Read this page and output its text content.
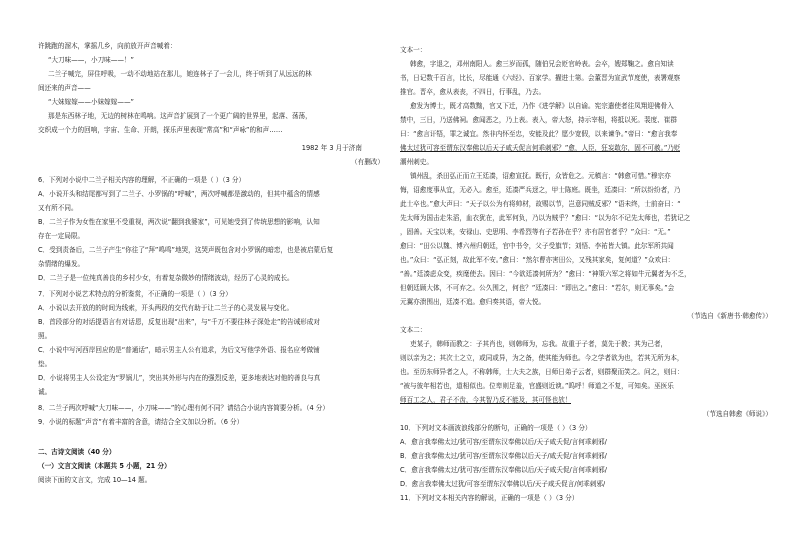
许跳跑的溜木，掌摇几乡，向前放开声音喊着：
“大刀味——，小刀味——！”
二兰子喊完，屏住呼吸，一动不动地站在那儿，她连林子了一会儿，终于听到了从远远的林
间还来的声音——
“大妹嫁嫁——小妹嫁嫁——”
那是东西林子地，无边的树林在鸣响。这声音扩展到了一个更广阔的世界里，起落、荡荡，
交织成一个力的回响，宇宙、生命、开朗，探乐声里表现“常高”和“声咏”的和声……
1982 年 3 月于济南
（有删改）
6．下列对小说中二兰子相关内容的理解，不正确的一项是（ ）（3 分）
A．小说开头和结尾都写到了二兰子、小罗锅的“呼喊”，两次呼喊都是激动的，但其中蕴含的情感
又有所不同。
B．二兰子作为女性在家里不受重视，两次说“翻到我婆家”，可见她受到了传统思想的影响，认知
存在一定局限。
C．受到责备后，二兰子产生“你往了“拜”鸣鸣”地哭，这哭声既包含对小罗锅的暗恋，也是被启蒙后复
杂情绪的爆发。
D．二兰子是一位纯真善良的乡村少女，有着复杂微妙的情绪波动，经历了心灵的成长。
7．下列对小说艺术特点的分析鉴赏，不正确的一项是（ ）（3 分）
A．小说以去开放的的时间为线索，开头两段的交代有助于让二兰子的心灵发展与变化。
B．首段部分的对话提语言有对话恩，反复出现“出来”，与“千万不要往林子深处走”的告诫形成对
照。
C．小说中写河西岸回应的是“普通话”，暗示男主人公有追求，为后文写他学外语、报名应考做铺
垫。
D．小说将男主人公设定为“罗锅儿”，突出其外形与内在的强烈反差，更多地表达对他的善良与真
诚。
8．二兰子两次呼喊“大刀味——，小刀味——”的心理有何不同？请结合小说内容简要分析。（4 分）
9．小说的标题“声音”有着丰富的含意，请结合全文加以分析。（6 分）
二、古诗文阅读（40 分）
（一）文言文阅读（本题共 5 小题，21 分）
阅读下面的文言文，完成 10—14 题。
文本一：
韩愈，字退之，邓州南阳人。愈三岁而孤，随伯兄会贬官岭表。会卒，嫂郑鞠之。愈自知读
书，日记数千百言，比长，尽能通《六经》、百家学。擢进士第。会董晋为宣武节度使，表署观察
推官。晋卒，愈从表丧，不四日，行事乱，乃去。
愈发为博士，既才高数黜，官又下迁，乃作《进学解》以自谕。宪宗遣使者往凤翔迎佛骨入
禁中，三日，乃送佛祠。愈闻恶之，乃上表。表入，帝大怒，持示宰相，将抵以死。裴度、崔群
曰：“愈言讦牾，罪之诚宜。然非内怀至忠，安能及此？愿少宽假，以来谏争。”帝曰：“愈言我奉
佛太过犹可容至谓东汉奉佛以后天子咸夭促言何乖刺邪？”愈，人臣，狂妄敢尔，固不可赦。”乃贬
潮州刺史。
镇州乱，杀田弘正而立王廷凑，诏愈宣抚。既行，众皆危之。元稹言：“韩愈可惜。”穆宗亦
悔，诏愈度事从宜，无必入。愈至，廷凑严兵迓之，甲士陈庭。既坐，廷凑曰：“所以纷纷者，乃
此士卒也。”愈大声曰：“天子以公为有将帅材，故赐以节，岂意同贼反邪？”语未终，士前奋曰：“
先太师为国击走朱滔，血衣犹在，此军何负，乃以为贼乎？”愈曰：“以为尔不记先太师也，若犹记之
，固善。天宝以来，安禄山、史思明、李希烈等有子若孙在乎？亦有居官者乎？”众曰：“无。”
愈曰：“田公以魏、博六州归朝廷，官中书令，父子受旗节；刘悟、李祐皆大镇。此尔军所共闻
也。”众曰：“弘正刻，故此军不安。”愈曰：“然尔曹亦害田公，又残其家矣，复何道？”众欢曰：
“善。”廷凑虑众变，疾麾使去。因曰：“今欲廷凑何所为？”愈曰：“神策六军之将如牛元翼者为不乏，
但朝廷顾大体，不可弃之。公久围之，何也？”廷凑曰：“即出之。”愈曰：“若尔，则无事矣。”会
元翼亦溃围出，廷凑不追。愈归奏其语，帝大悦。
（节选自《新唐书·韩愈传》）
文本二：
吏某子，韩师而教之：子其肖也，则韩师为，忘我。故重于子者，莫先于教；其为己者，
则以亲为之；其次士之立，或同或异，为之备，使其能为师也。今之学者欲为也，若其无所为本，
也。至历东师异者之人，不称韩师，士大夫之族，日师日弟子云者，则群聚而笑之。问之，则曰：
“被与彼年相若也，道相似也。位卑则足羞，官盛则近谀。”呜呼！师道之不复，可知矣。巫医乐
师百工之人，君子不齿，今其智乃反不能及，其可怪也欤！
（节选自韩愈《师说》）
10．下列对文本画波浪线部分的断句，正确的一项是（ ）（3 分）
A．愈言我奉佛太过/犹可容/至谓东汉奉佛以后/天子咸夭促/言何乖刺邪/
B．愈言我奉佛太过/犹可容/至谓东汉奉佛以后天子/咸夭促/言何乖刺邪/
C．愈言我奉佛太过/犹可容/至谓东汉奉佛以后/天子咸夭促/言何乖刺邪/
D．愈言我奉佛太过犹/可容至谓东汉奉佛以后/天子咸夭促言/何乖刺邪/
11．下列对文本相关内容的解说，正确的一项是（ ）（3 分）
